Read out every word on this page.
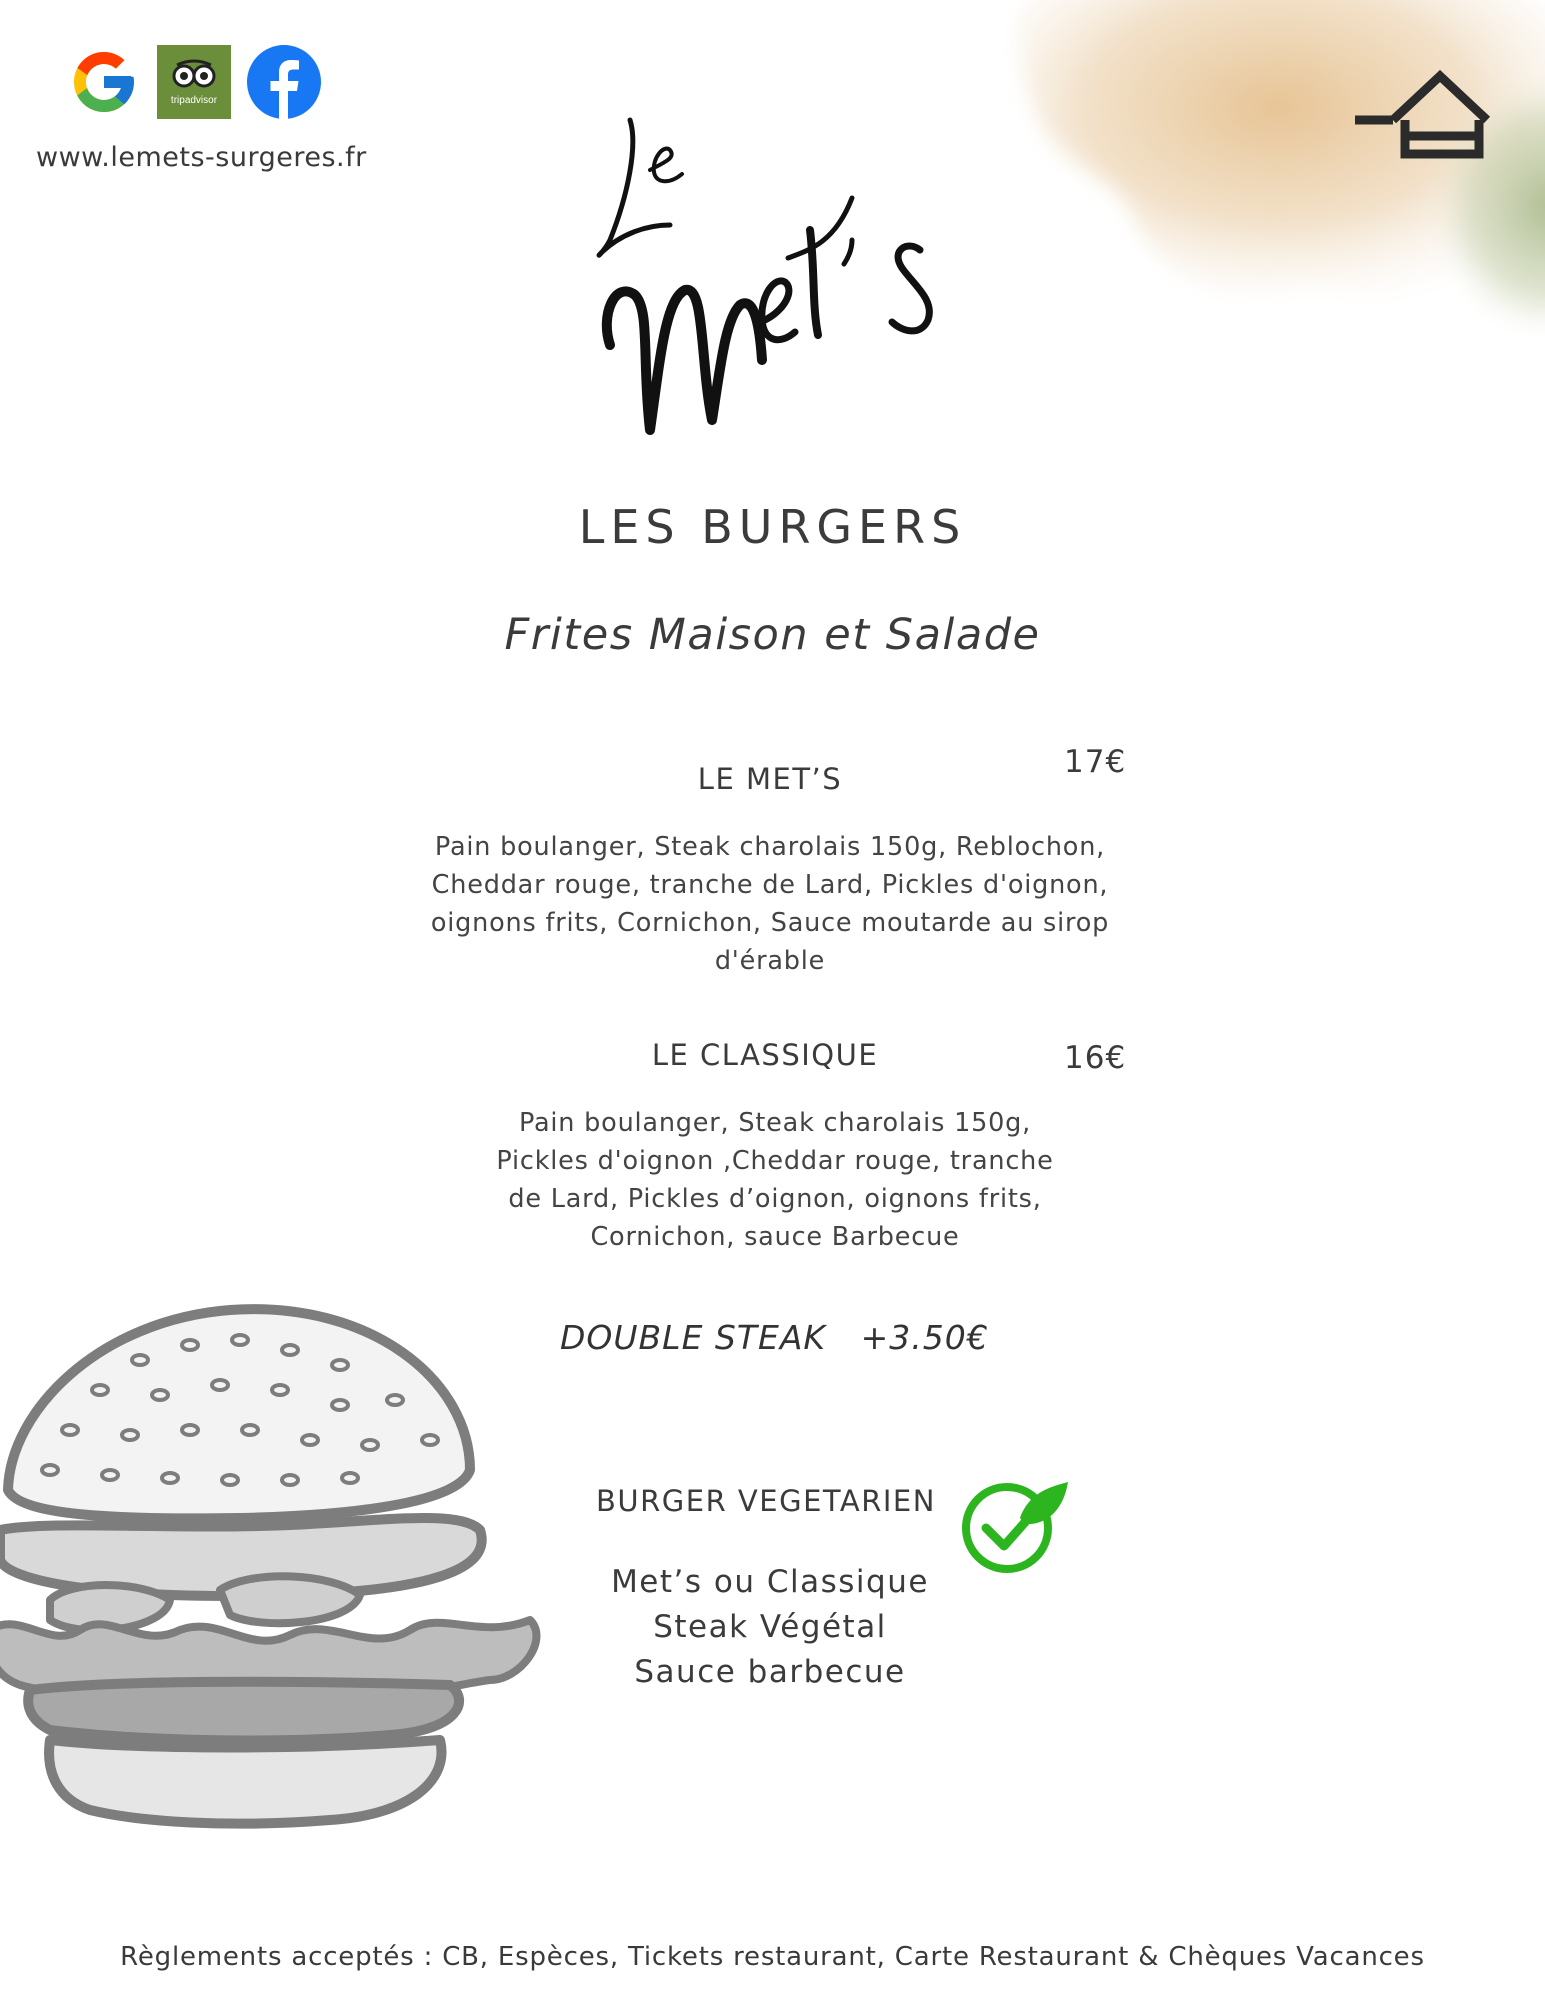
tripadvisor
www.lemets-surgeres.fr
LES BURGERS
Frites Maison et Salade
LE MET’S	17€
Pain boulanger, Steak charolais 150g, Reblochon,
Cheddar rouge, tranche de Lard, Pickles d'oignon,
oignons frits, Cornichon, Sauce moutarde au sirop
d'érable
LE CLASSIQUE	16€
Pain boulanger, Steak charolais 150g,
Pickles d'oignon ,Cheddar rouge, tranche
de Lard, Pickles d’oignon, oignons frits,
Cornichon, sauce Barbecue
DOUBLE STEAK +3.50€
BURGER VEGETARIEN
Met’s ou Classique
Steak Végétal
Sauce barbecue
Règlements acceptés : CB, Espèces, Tickets restaurant, Carte Restaurant & Chèques Vacances
